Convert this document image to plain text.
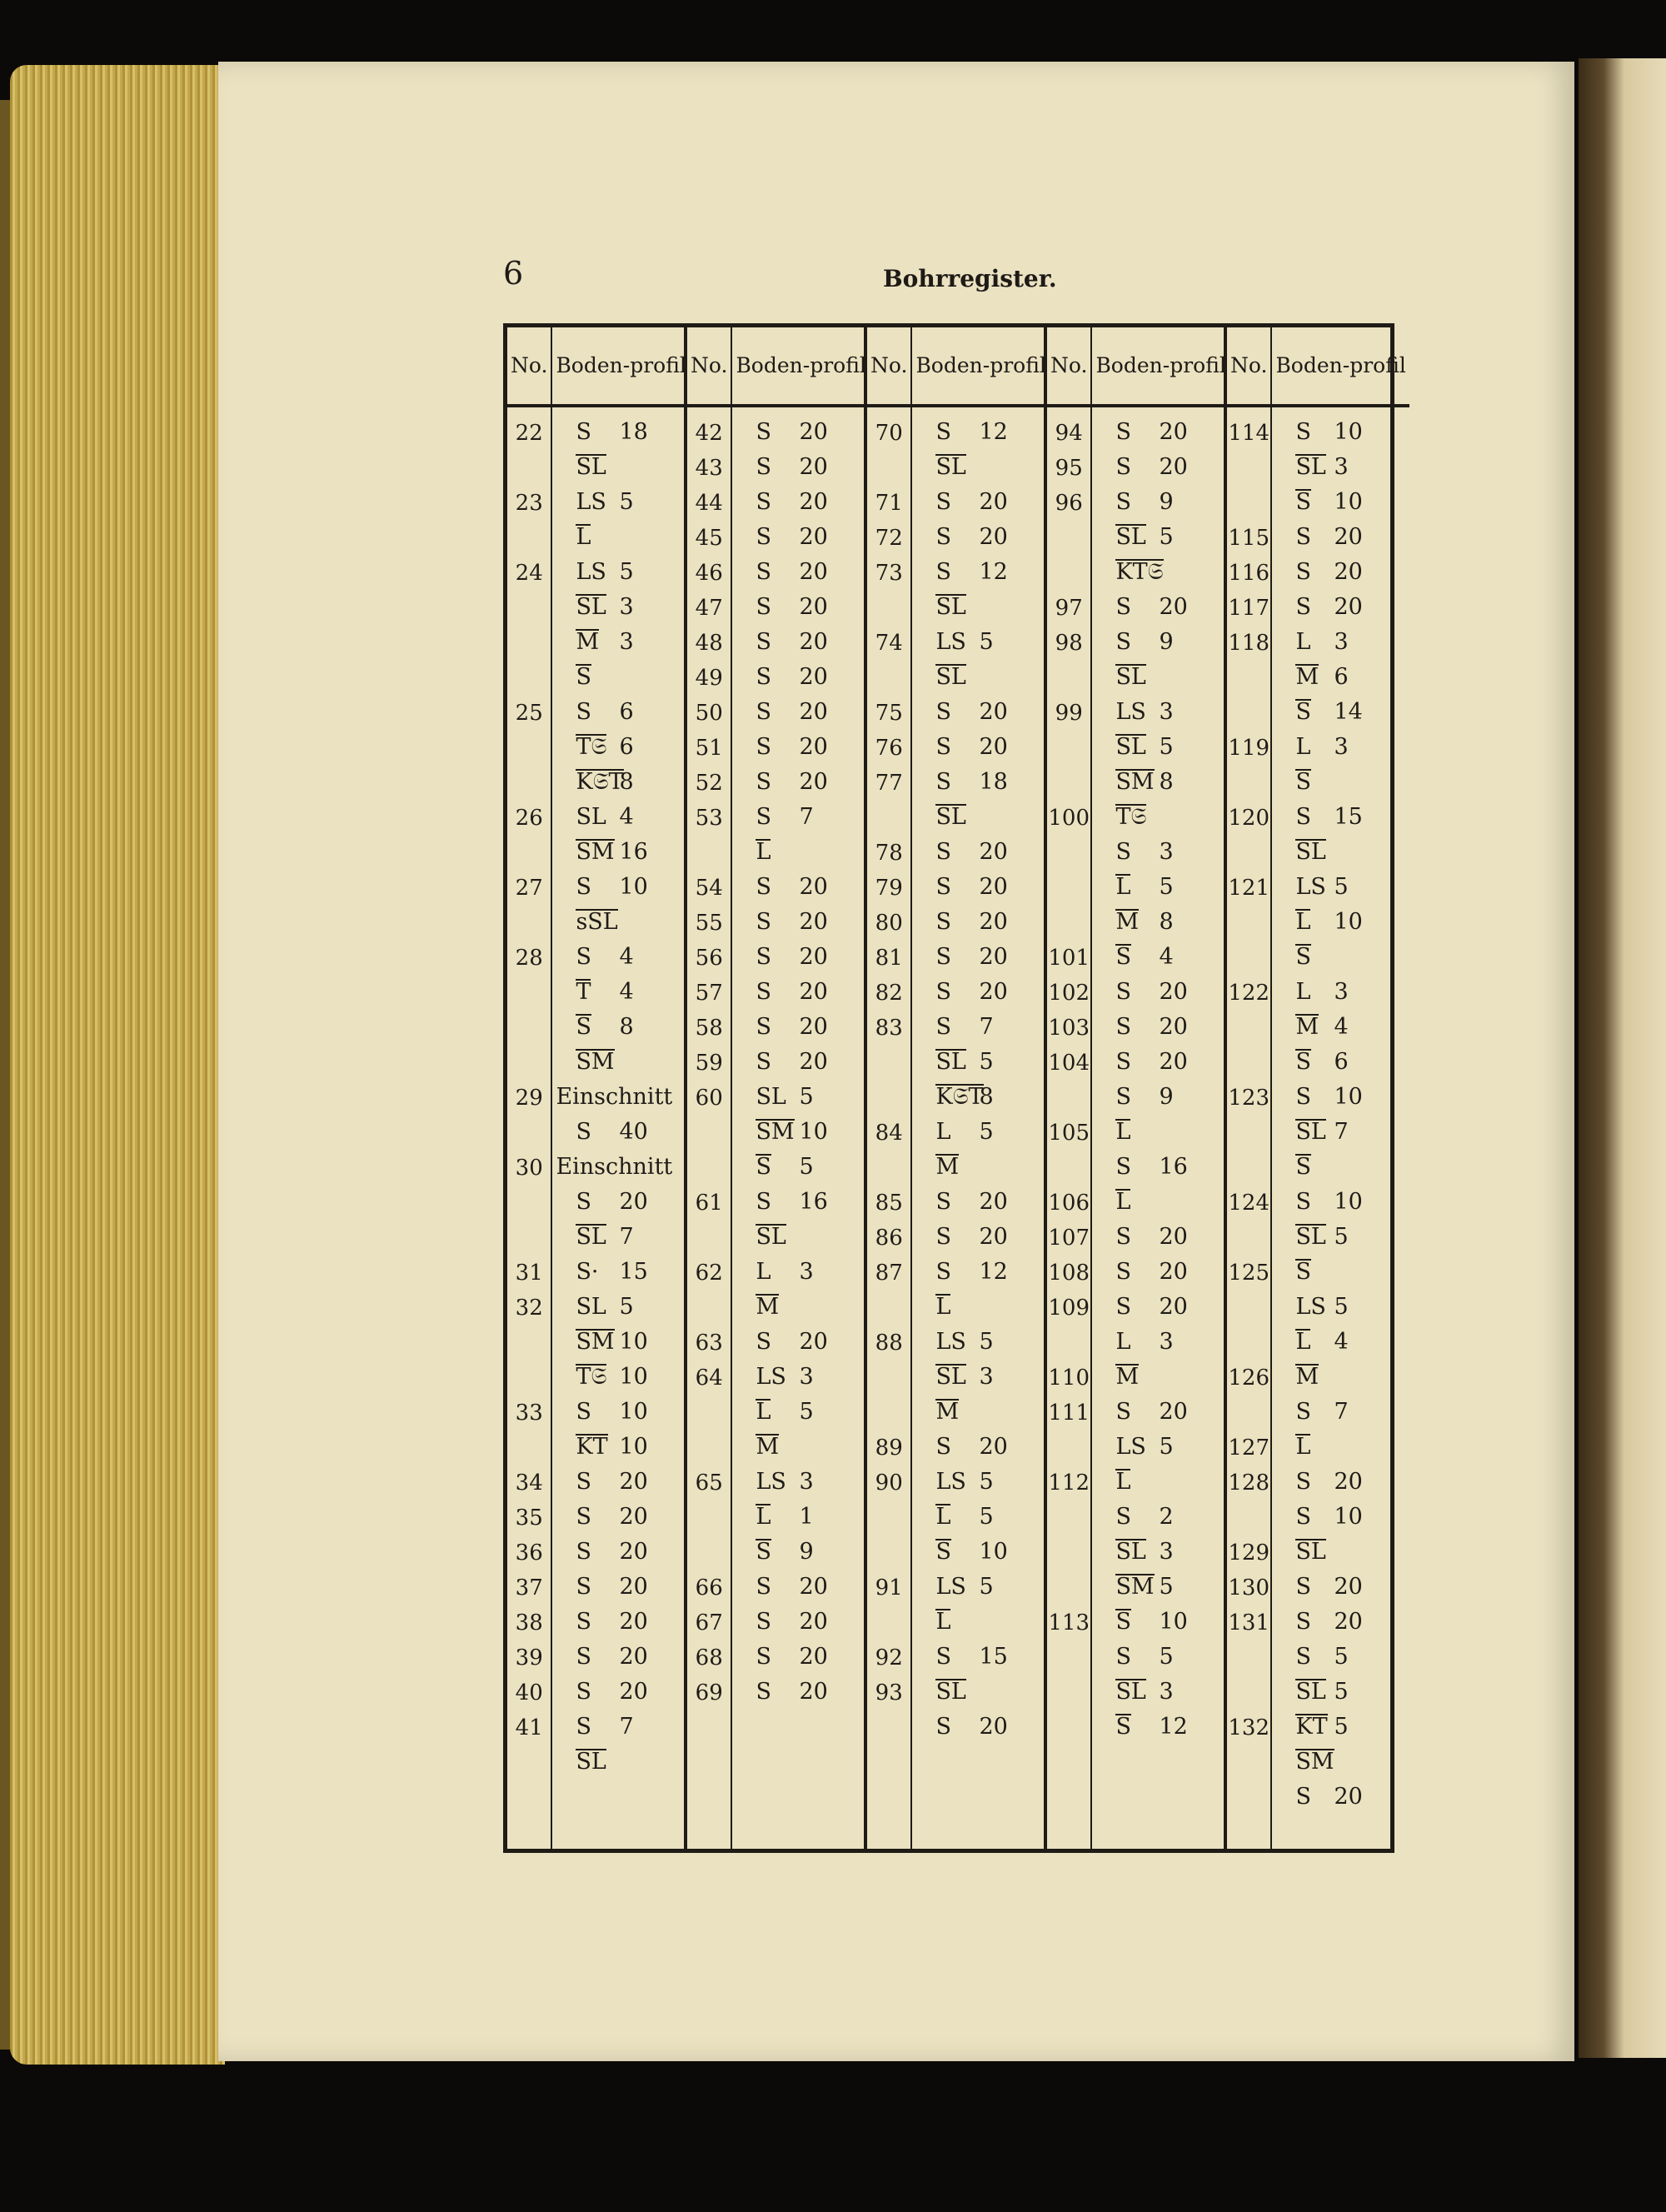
6	Bohrregister.
No.
22
23
24
25
26
27
28
29
30
31
32
33
34
35
36
37
38
39
40
41
Boden- profil
S 18
SL
LS 5
L
LS 5
SL 3
M 3
S
S 6
T𝔖 6
K𝔖T
8
SL 4
SM 16
S 10
sSL
S 4
T 4
S 8
SM
Einschnitt
S 40
Einschnitt
S 20
SL 7
S· 15
SL 5
SM 10
T𝔖 10
S 10
KT 10
S 20
S 20
S 20
S 20
S 20
S 20
S 20
S 7
SL
No.
42
43
44
45
46
47
48
49
50
51
52
53
54
55
56
57
58
59
60
61
62
63
64
65
66
67
68
69
Boden- profil
S 20
S 20
S 20
S 20
S 20
S 20
S 20
S 20
S 20
S 20
S 20
S 7
L
S 20
S 20
S 20
S 20
S 20
S 20
SL 5
SM 10
S 5
S 16
SL
L 3
M
S 20
LS 3
L 5
M
LS 3
L 1
S 9
S 20
S 20
S 20
S 20
No.
70
71
72
73
74
75
76
77
78
79
80
81
82
83
84
85
86
87
88
89
90
91
92
93
Boden- profil
S 12
SL
S 20
S 20
S 12
SL
LS 5
SL
S 20
S 20
S 18
SL
S 20
S 20
S 20
S 20
S 20
S 7
SL 5
K𝔖T
8
L 5
M
S 20
S 20
S 12
L
LS 5
SL 3
M
S 20
LS 5
L 5
S 10
LS 5
L
S 15
SL
S 20
No.
94
95
96
97
98
99
100
101
102
103
104
105
106
107
108
109
110
111
112
113
Boden- profil
S 20
S 20
S 9
SL 5
KT𝔖
S 20
S 9
SL
LS 3
SL 5
SM 8
T𝔖
S 3
L 5
M 8
S 4
S 20
S 20
S 20
S 9
L
S 16
L
S 20
S 20
S 20
L 3
M
S 20
LS 5
L
S 2
SL 3
SM 5
S 10
S 5
SL 3
S 12
No.
114
115
116
117
118
119
120
121
122
123
124
125
126
127
128
129
130
131
132
Boden- profil
S 10
SL 3
S 10
S 20
S 20
S 20
L 3
M 6
S 14
L 3
S
S 15
SL
LS 5
L 10
S
L 3
M 4
S 6
S 10
SL 7
S
S 10
SL 5
S
LS 5
L 4
M
S 7
L
S 20
S 10
SL
S 20
S 20
S 5
SL 5
KT 5
SM
S 20
